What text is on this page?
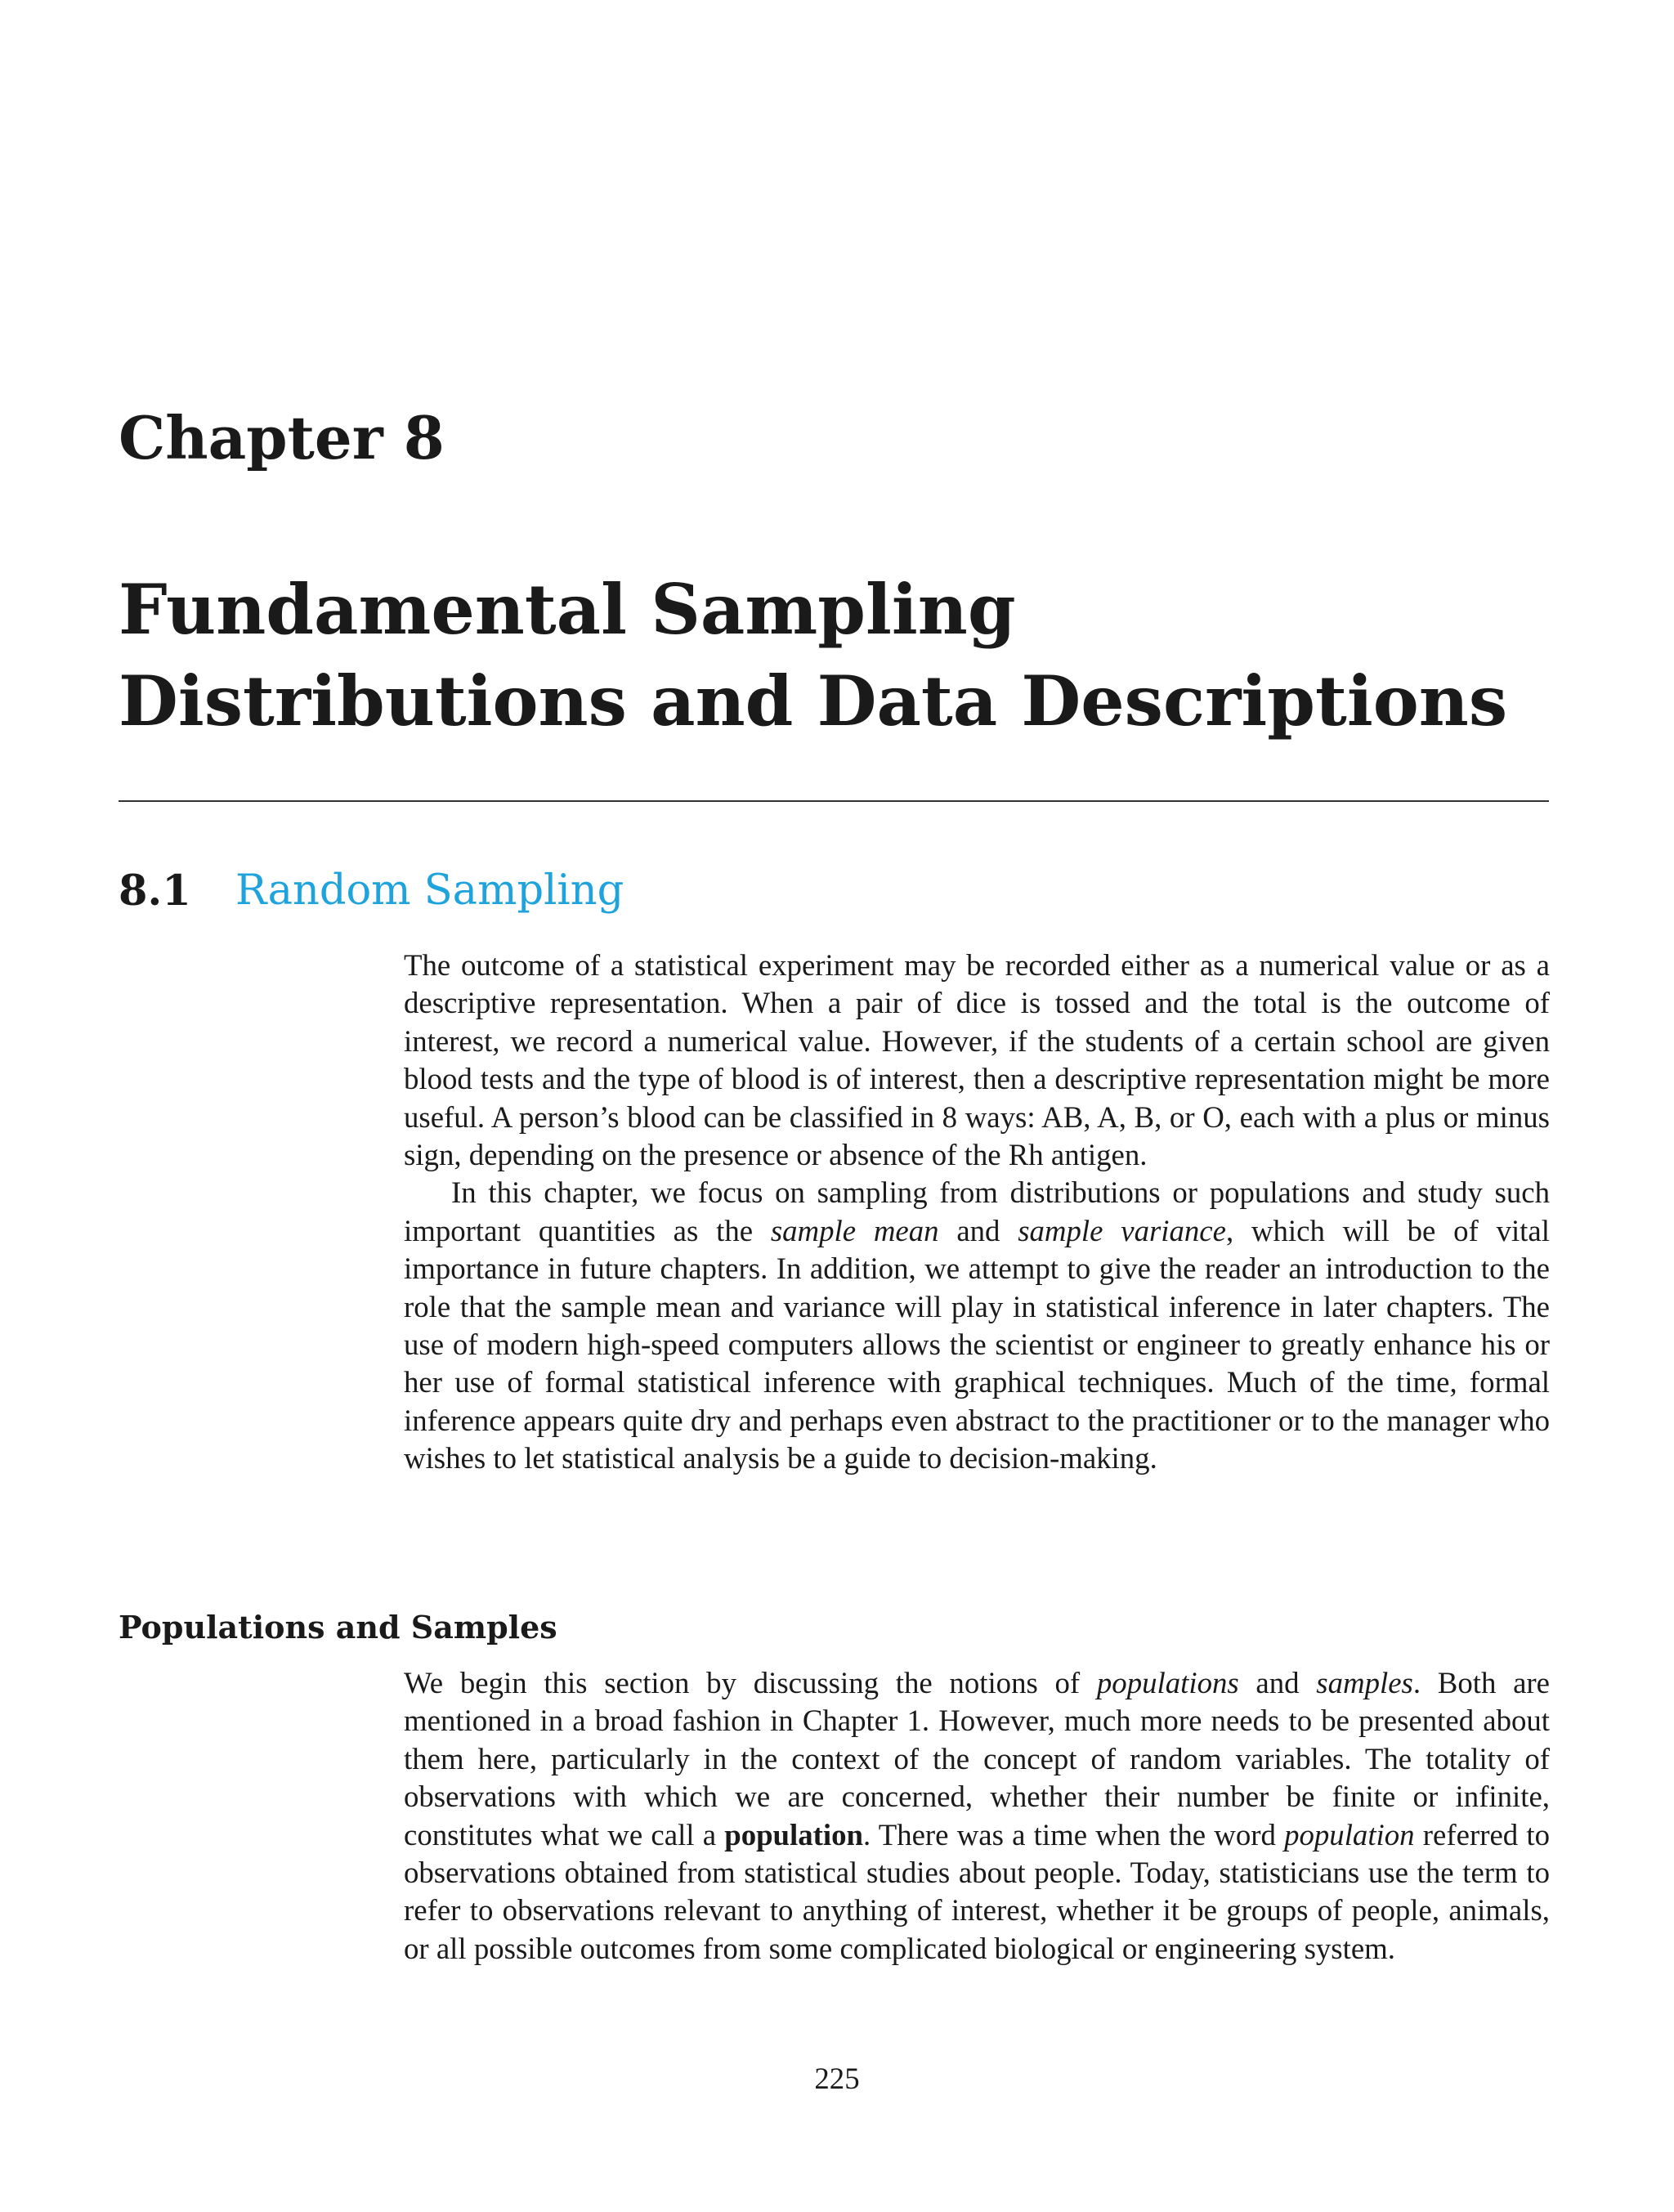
Chapter 8
Fundamental Sampling
Distributions and Data Descriptions
8.1 Random Sampling

The outcome of a statistical experiment may be recorded either as a numerical value or as a descriptive representation. When a pair of dice is tossed and the total is the outcome of interest, we record a numerical value. However, if the students of a certain school are given blood tests and the type of blood is of interest, then a descriptive representation might be more useful. A person’s blood can be classified in 8 ways: AB, A, B, or O, each with a plus or minus sign, depending on the presence or absence of the Rh antigen.

In this chapter, we focus on sampling from distributions or populations and study such important quantities as the sample mean and sample variance, which will be of vital importance in future chapters. In addition, we attempt to give the reader an introduction to the role that the sample mean and variance will play in statistical inference in later chapters. The use of modern high-speed computers allows the scientist or engineer to greatly enhance his or her use of formal statistical inference with graphical techniques. Much of the time, formal inference appears quite dry and perhaps even abstract to the practitioner or to the manager who wishes to let statistical analysis be a guide to decision-making.

Populations and Samples

We begin this section by discussing the notions of populations and samples. Both are mentioned in a broad fashion in Chapter 1. However, much more needs to be presented about them here, particularly in the context of the concept of random variables. The totality of observations with which we are concerned, whether their number be finite or infinite, constitutes what we call a population. There was a time when the word population referred to observations obtained from statistical studies about people. Today, statisticians use the term to refer to observations relevant to anything of interest, whether it be groups of people, animals, or all possible outcomes from some complicated biological or engineering system.

225
